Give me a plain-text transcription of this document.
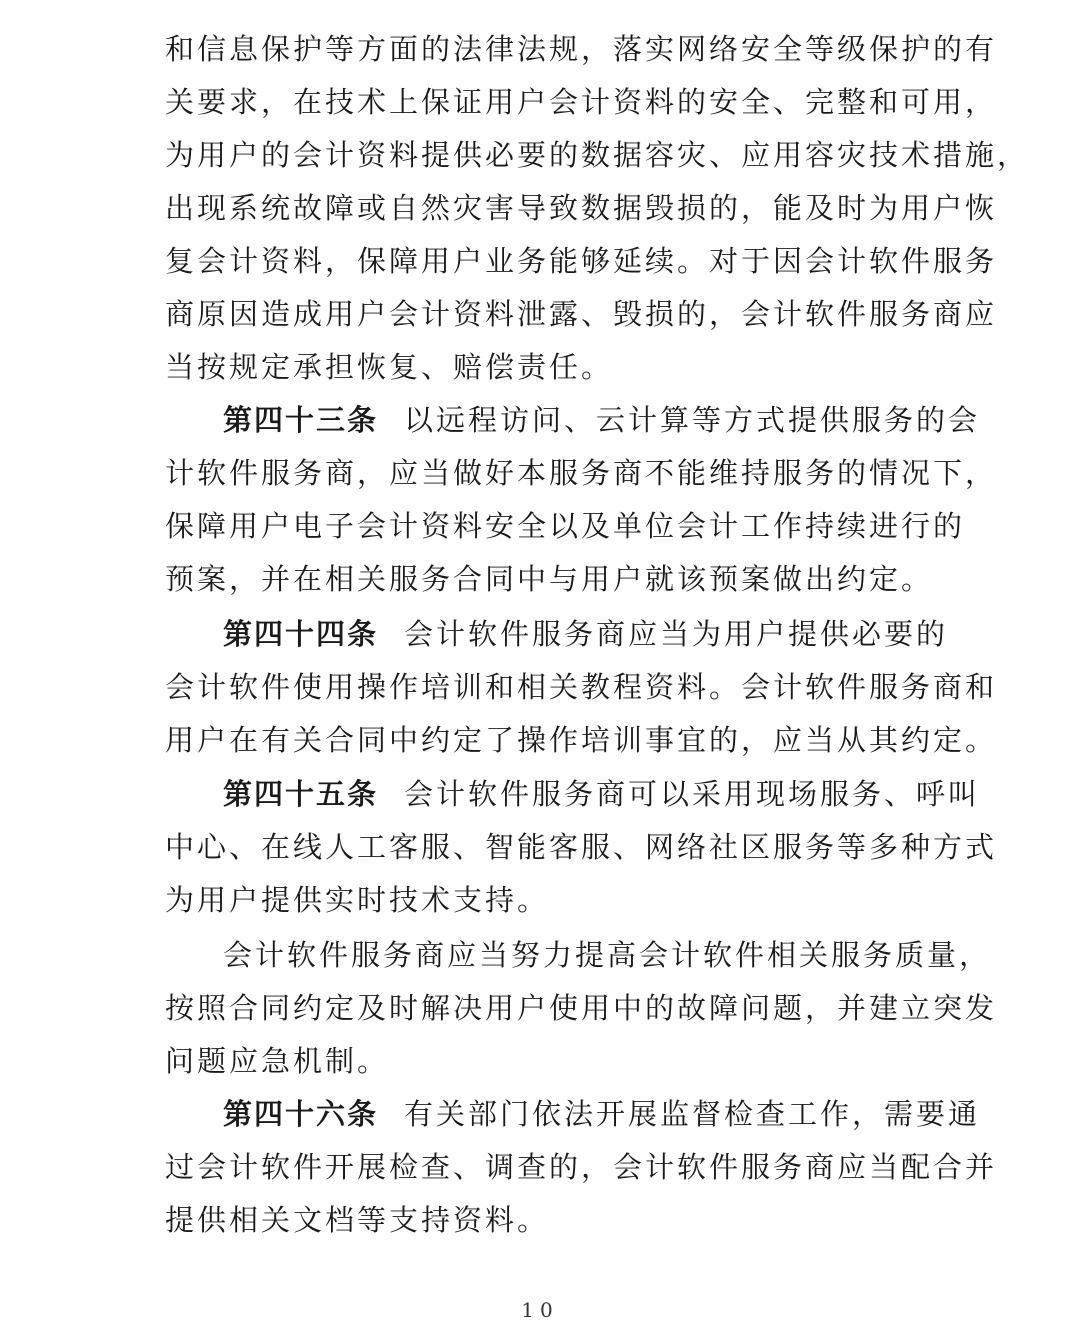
和信息保护等方面的法律法规，落实网络安全等级保护的有
关要求，在技术上保证用户会计资料的安全、完整和可用，
为用户的会计资料提供必要的数据容灾、应用容灾技术措施，
出现系统故障或自然灾害导致数据毁损的，能及时为用户恢
复会计资料，保障用户业务能够延续。对于因会计软件服务
商原因造成用户会计资料泄露、毁损的，会计软件服务商应
当按规定承担恢复、赔偿责任。
第四十三条 以远程访问、云计算等方式提供服务的会
计软件服务商，应当做好本服务商不能维持服务的情况下，
保障用户电子会计资料安全以及单位会计工作持续进行的
预案，并在相关服务合同中与用户就该预案做出约定。
第四十四条 会计软件服务商应当为用户提供必要的
会计软件使用操作培训和相关教程资料。会计软件服务商和
用户在有关合同中约定了操作培训事宜的，应当从其约定。
第四十五条 会计软件服务商可以采用现场服务、呼叫
中心、在线人工客服、智能客服、网络社区服务等多种方式
为用户提供实时技术支持。
会计软件服务商应当努力提高会计软件相关服务质量，
按照合同约定及时解决用户使用中的故障问题，并建立突发
问题应急机制。
第四十六条 有关部门依法开展监督检查工作，需要通
过会计软件开展检查、调查的，会计软件服务商应当配合并
提供相关文档等支持资料。
10
